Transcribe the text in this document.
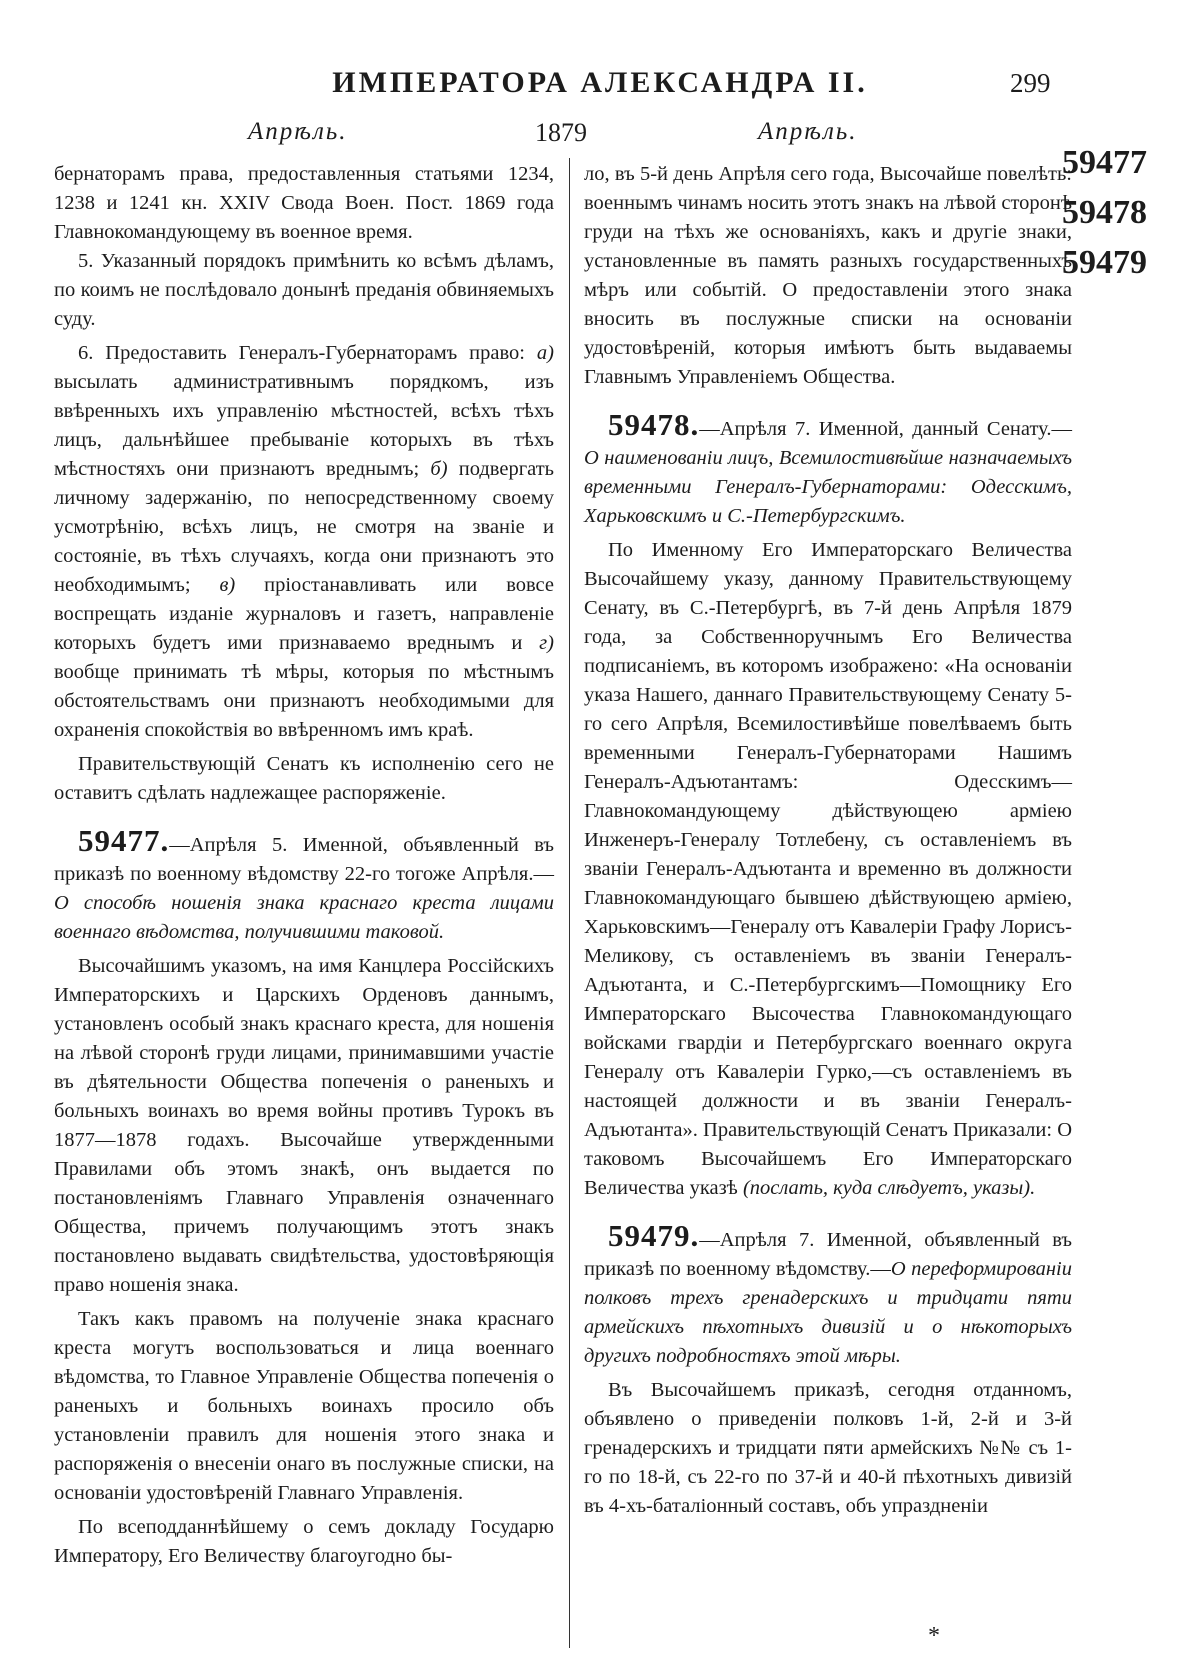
ИМПЕРАТОРА АЛЕКСАНДРА II.	299
Апрѣль.	1879	Апрѣль.

бернаторамъ права, предоставленныя статьями 1234, 1238 и 1241 кн. XXIV Свода Воен. Пост. 1869 года Главнокомандующему въ военное время.

5. Указанный порядокъ примѣнить ко всѣмъ дѣламъ, по коимъ не послѣдовало донынѣ преданія обвиняемыхъ суду.

6. Предоставить Генералъ-Губернаторамъ право: а) высылать административнымъ порядкомъ, изъ ввѣренныхъ ихъ управленію мѣстностей, всѣхъ тѣхъ лицъ, дальнѣйшее пребываніе которыхъ въ тѣхъ мѣстностяхъ они признаютъ вреднымъ; б) подвергать личному задержанію, по непосредственному своему усмотрѣнію, всѣхъ лицъ, не смотря на званіе и состояніе, въ тѣхъ случаяхъ, когда они признаютъ это необходимымъ; в) пріостанавливать или вовсе воспрещать изданіе журналовъ и газетъ, направленіе которыхъ будетъ ими признаваемо вреднымъ и г) вообще принимать тѣ мѣры, которыя по мѣстнымъ обстоятельствамъ они признаютъ необходимыми для охраненія спокойствія во ввѣренномъ имъ краѣ.

Правительствующій Сенатъ къ исполненію сего не оставитъ сдѣлать надлежащее распоряженіе.

59477.—Апрѣля 5. Именной, объявленный въ приказѣ по военному вѣдомству 22-го тогоже Апрѣля.—О способѣ ношенія знака краснаго креста лицами военнаго вѣдомства, получившими таковой.

Высочайшимъ указомъ, на имя Канцлера Россійскихъ Императорскихъ и Царскихъ Орденовъ даннымъ, установленъ особый знакъ краснаго креста, для ношенія на лѣвой сторонѣ груди лицами, принимавшими участіе въ дѣятельности Общества попеченія о раненыхъ и больныхъ воинахъ во время войны противъ Турокъ въ 1877—1878 годахъ. Высочайше утвержденными Правилами объ этомъ знакѣ, онъ выдается по постановленіямъ Главнаго Управленія означеннаго Общества, причемъ получающимъ этотъ знакъ постановлено выдавать свидѣтельства, удостовѣряющія право ношенія знака.

Такъ какъ правомъ на полученіе знака краснаго креста могутъ воспользоваться и лица военнаго вѣдомства, то Главное Управленіе Общества попеченія о раненыхъ и больныхъ воинахъ просило объ установленіи правилъ для ношенія этого знака и распоряженія о внесеніи онаго въ послужные списки, на основаніи удостовѣреній Главнаго Управленія.

По всеподданнѣйшему о семъ докладу Государю Императору, Его Величеству благоугодно бы-

ло, въ 5-й день Апрѣля сего года, Высочайше повелѣть: военнымъ чинамъ носить этотъ знакъ на лѣвой сторонѣ груди на тѣхъ же основаніяхъ, какъ и другіе знаки, установленные въ память разныхъ государственныхъ мѣръ или событій. О предоставленіи этого знака вносить въ послужные списки на основаніи удостовѣреній, которыя имѣютъ быть выдаваемы Главнымъ Управленіемъ Общества.

59478.—Апрѣля 7. Именной, данный Сенату.—О наименованіи лицъ, Всемилостивѣйше назначаемыхъ временными Генералъ-Губернаторами: Одесскимъ, Харьковскимъ и С.-Петербургскимъ.

По Именному Его Императорскаго Величества Высочайшему указу, данному Правительствующему Сенату, въ С.-Петербургѣ, въ 7-й день Апрѣля 1879 года, за Собственноручнымъ Его Величества подписаніемъ, въ которомъ изображено: «На основаніи указа Нашего, даннаго Правительствующему Сенату 5-го сего Апрѣля, Всемилостивѣйше повелѣваемъ быть временными Генералъ-Губернаторами Нашимъ Генералъ-Адъютантамъ: Одесскимъ—Главнокомандующему дѣйствующею арміею Инженеръ-Генералу Тотлебену, съ оставленіемъ въ званіи Генералъ-Адъютанта и временно въ должности Главнокомандующаго бывшею дѣйствующею арміею, Харьковскимъ—Генералу отъ Кавалеріи Графу Лорисъ-Меликову, съ оставленіемъ въ званіи Генералъ-Адъютанта, и С.-Петербургскимъ—Помощнику Его Императорскаго Высочества Главнокомандующаго войсками гвардіи и Петербургскаго военнаго округа Генералу отъ Кавалеріи Гурко,—съ оставленіемъ въ настоящей должности и въ званіи Генералъ-Адъютанта». Правительствующій Сенатъ Приказали: О таковомъ Высочайшемъ Его Императорскаго Величества указѣ (послать, куда слѣдуетъ, указы).

59479.—Апрѣля 7. Именной, объявленный въ приказѣ по военному вѣдомству.—О переформированіи полковъ трехъ гренадерскихъ и тридцати пяти армейскихъ пѣхотныхъ дивизій и о нѣкоторыхъ другихъ подробностяхъ этой мѣры.

Въ Высочайшемъ приказѣ, сегодня отданномъ, объявлено о приведеніи полковъ 1-й, 2-й и 3-й гренадерскихъ и тридцати пяти армейскихъ №№ съ 1-го по 18-й, съ 22-го по 37-й и 40-й пѣхотныхъ дивизій въ 4-хъ-баталіонный составъ, объ упраздненіи

59477
59478
59479
*
